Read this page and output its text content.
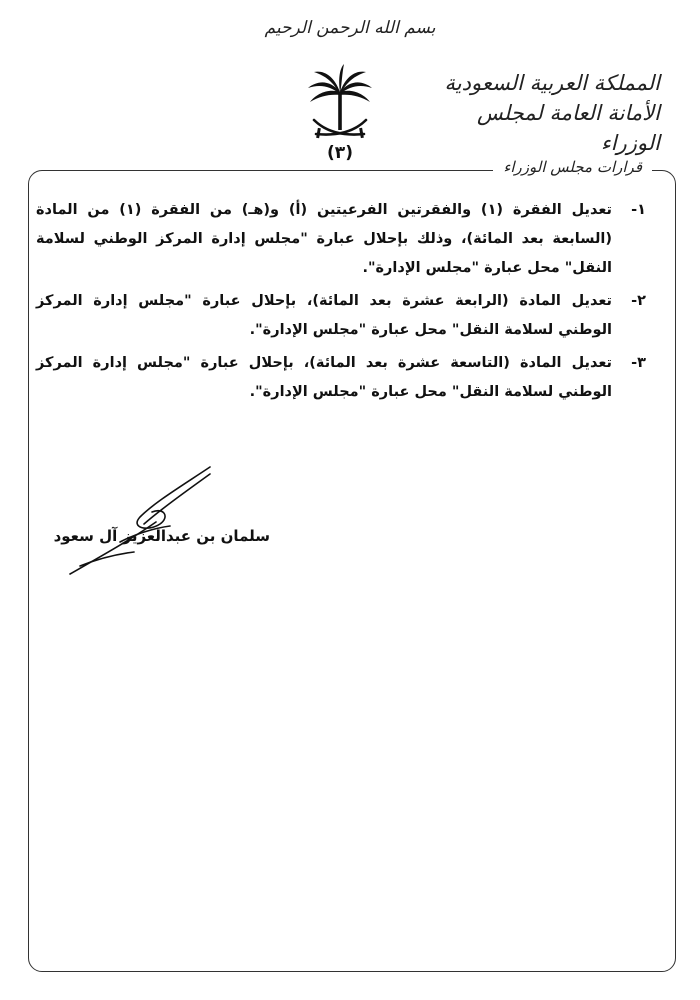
بسم الله الرحمن الرحيم
(٣)
المملكة العربية السعودية
الأمانة العامة لمجلس الوزراء
قرارات مجلس الوزراء
١-
تعديل الفقرة (١) والفقرتين الفرعيتين (أ) و(هـ) من الفقرة (١) من المادة (السابعة بعد المائة)، وذلك بإحلال عبارة "مجلس إدارة المركز الوطني لسلامة النقل" محل عبارة "مجلس الإدارة".
٢-
تعديل المادة (الرابعة عشرة بعد المائة)، بإحلال عبارة "مجلس إدارة المركز الوطني لسلامة النقل" محل عبارة "مجلس الإدارة".
٣-
تعديل المادة (التاسعة عشرة بعد المائة)، بإحلال عبارة "مجلس إدارة المركز الوطني لسلامة النقل" محل عبارة "مجلس الإدارة".
سلمان بن عبدالعزيز آل سعود
